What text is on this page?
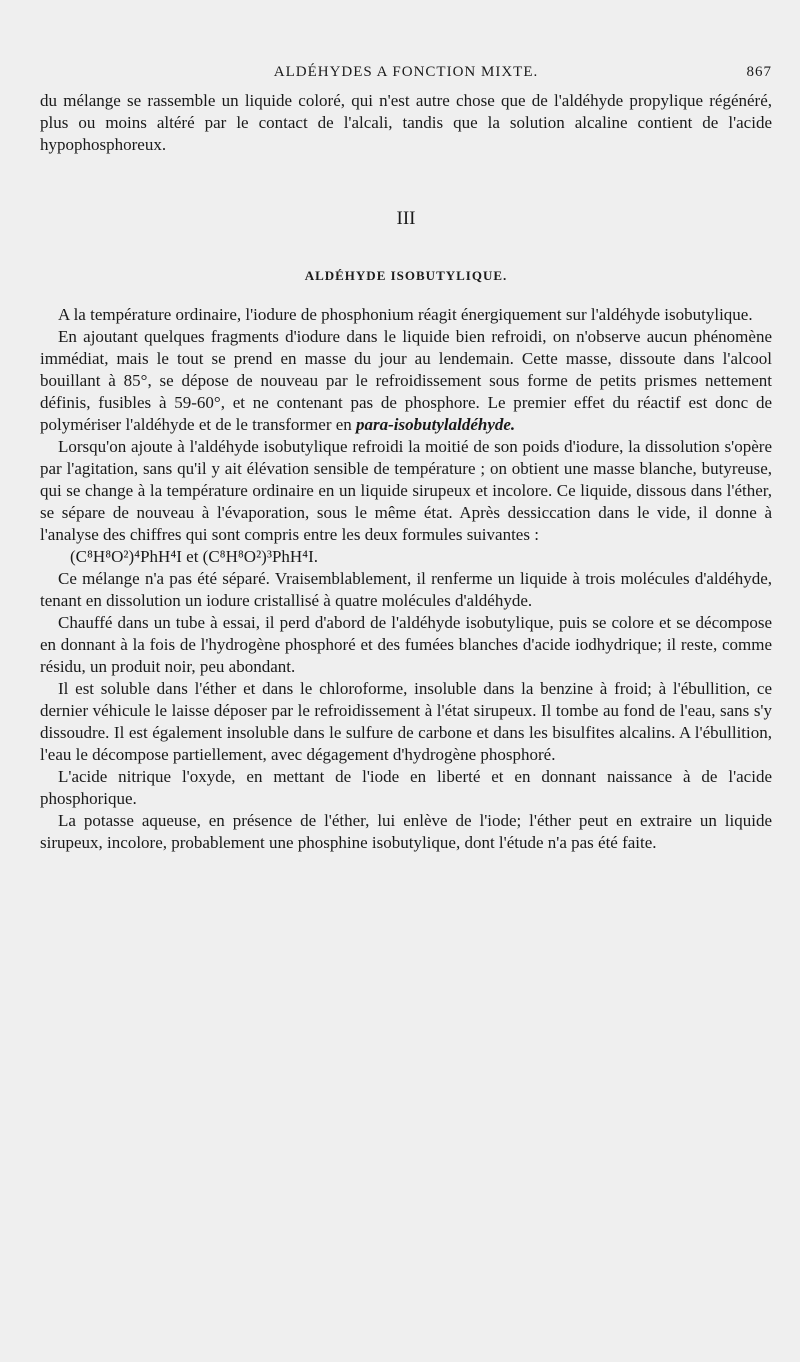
ALDÉHYDES A FONCTION MIXTE.	867

du mélange se rassemble un liquide coloré, qui n'est autre chose que de l'aldéhyde propylique régénéré, plus ou moins altéré par le contact de l'alcali, tandis que la solution alcaline contient de l'acide hypophosphoreux.

III
ALDÉHYDE ISOBUTYLIQUE.

A la température ordinaire, l'iodure de phosphonium réagit énergiquement sur l'aldéhyde isobutylique.

En ajoutant quelques fragments d'iodure dans le liquide bien refroidi, on n'observe aucun phénomène immédiat, mais le tout se prend en masse du jour au lendemain. Cette masse, dissoute dans l'alcool bouillant à 85°, se dépose de nouveau par le refroidissement sous forme de petits prismes nettement définis, fusibles à 59-60°, et ne contenant pas de phosphore. Le premier effet du réactif est donc de polymériser l'aldéhyde et de le transformer en para-isobutylaldéhyde.

Lorsqu'on ajoute à l'aldéhyde isobutylique refroidi la moitié de son poids d'iodure, la dissolution s'opère par l'agitation, sans qu'il y ait élévation sensible de température ; on obtient une masse blanche, butyreuse, qui se change à la température ordinaire en un liquide sirupeux et incolore. Ce liquide, dissous dans l'éther, se sépare de nouveau à l'évaporation, sous le même état. Après dessiccation dans le vide, il donne à l'analyse des chiffres qui sont compris entre les deux formules suivantes :

(C⁸H⁸O²)⁴PhH⁴I et (C⁸H⁸O²)³PhH⁴I.

Ce mélange n'a pas été séparé. Vraisemblablement, il renferme un liquide à trois molécules d'aldéhyde, tenant en dissolution un iodure cristallisé à quatre molécules d'aldéhyde.

Chauffé dans un tube à essai, il perd d'abord de l'aldéhyde isobutylique, puis se colore et se décompose en donnant à la fois de l'hydrogène phosphoré et des fumées blanches d'acide iodhydrique; il reste, comme résidu, un produit noir, peu abondant.

Il est soluble dans l'éther et dans le chloroforme, insoluble dans la benzine à froid; à l'ébullition, ce dernier véhicule le laisse déposer par le refroidissement à l'état sirupeux. Il tombe au fond de l'eau, sans s'y dissoudre. Il est également insoluble dans le sulfure de carbone et dans les bisulfites alcalins. A l'ébullition, l'eau le décompose partiellement, avec dégagement d'hydrogène phosphoré.

L'acide nitrique l'oxyde, en mettant de l'iode en liberté et en donnant naissance à de l'acide phosphorique.

La potasse aqueuse, en présence de l'éther, lui enlève de l'iode; l'éther peut en extraire un liquide sirupeux, incolore, probablement une phosphine isobutylique, dont l'étude n'a pas été faite.
